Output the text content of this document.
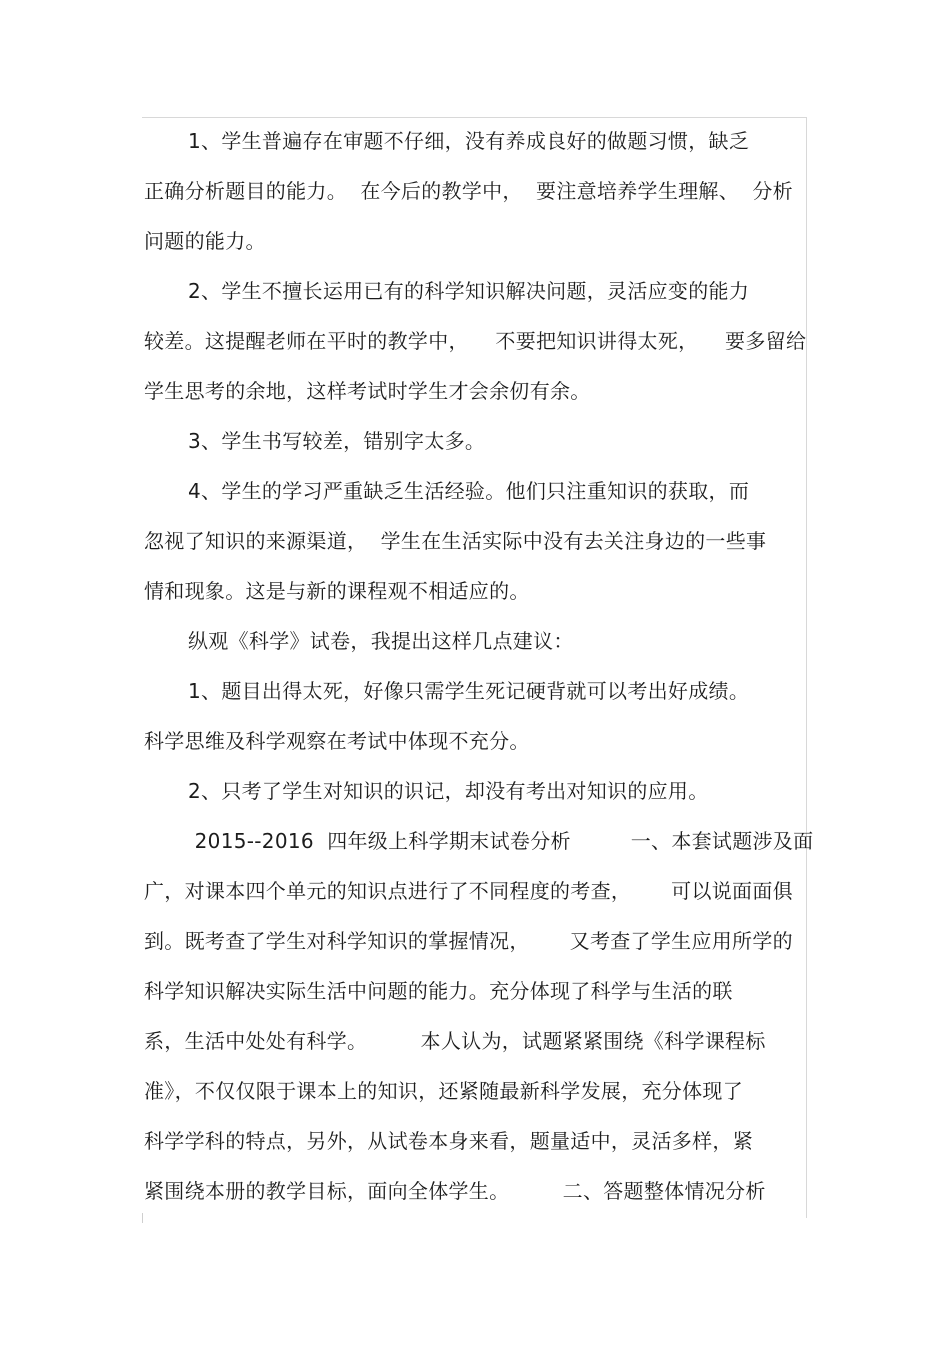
1、学生普遍存在审题不仔细，没有养成良好的做题习惯，缺乏
正确分析题目的能力。  在今后的教学中，  要注意培养学生理解、  分析
问题的能力。
2、学生不擅长运用已有的科学知识解决问题，灵活应变的能力
较差。这提醒老师在平时的教学中，    不要把知识讲得太死，    要多留给
学生思考的余地，这样考试时学生才会余仞有余。
3、学生书写较差，错别字太多。
4、学生的学习严重缺乏生活经验。他们只注重知识的获取，而
忽视了知识的来源渠道，  学生在生活实际中没有去关注身边的一些事
情和现象。这是与新的课程观不相适应的。
纵观《科学》试卷，我提出这样几点建议：
1、题目出得太死，好像只需学生死记硬背就可以考出好成绩。
科学思维及科学观察在考试中体现不充分。
2、只考了学生对知识的识记，却没有考出对知识的应用。
2015--2016  四年级上科学期末试卷分析         一、本套试题涉及面
广，对课本四个单元的知识点进行了不同程度的考查，      可以说面面俱
到。既考查了学生对科学知识的掌握情况，      又考查了学生应用所学的
科学知识解决实际生活中问题的能力。充分体现了科学与生活的联
系，生活中处处有科学。        本人认为，试题紧紧围绕《科学课程标
准》，不仅仅限于课本上的知识，还紧随最新科学发展，充分体现了
科学学科的特点，另外，从试卷本身来看，题量适中，灵活多样，紧
紧围绕本册的教学目标，面向全体学生。        二、答题整体情况分析
